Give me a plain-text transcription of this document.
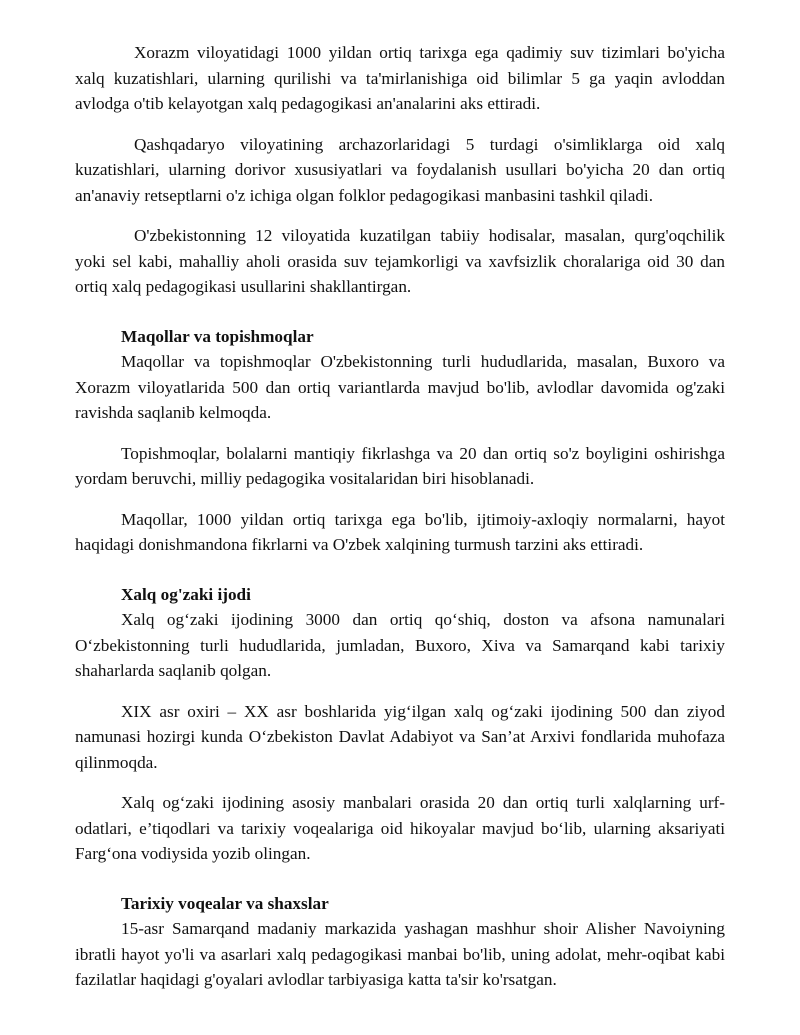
Xorazm viloyatidagi 1000 yildan ortiq tarixga ega qadimiy suv tizimlari bo'yicha xalq kuzatishlari, ularning qurilishi va ta'mirlanishiga oid bilimlar 5 ga yaqin avloddan avlodga o'tib kelayotgan xalq pedagogikasi an'analarini aks ettiradi.

Qashqadaryo viloyatining archazorlaridagi 5 turdagi o'simliklarga oid xalq kuzatishlari, ularning dorivor xususiyatlari va foydalanish usullari bo'yicha 20 dan ortiq an'anaviy retseptlarni o'z ichiga olgan folklor pedagogikasi manbasini tashkil qiladi.

O'zbekistonning 12 viloyatida kuzatilgan tabiiy hodisalar, masalan, qurg'oqchilik yoki sel kabi, mahalliy aholi orasida suv tejamkorligi va xavfsizlik choralariga oid 30 dan ortiq xalq pedagogikasi usullarini shakllantirgan.

Maqollar va topishmoqlar

Maqollar va topishmoqlar O'zbekistonning turli hududlarida, masalan, Buxoro va Xorazm viloyatlarida 500 dan ortiq variantlarda mavjud bo'lib, avlodlar davomida og'zaki ravishda saqlanib kelmoqda.

Topishmoqlar, bolalarni mantiqiy fikrlashga va 20 dan ortiq so'z boyligini oshirishga yordam beruvchi, milliy pedagogika vositalaridan biri hisoblanadi.

Maqollar, 1000 yildan ortiq tarixga ega bo'lib, ijtimoiy-axloqiy normalarni, hayot haqidagi donishmandona fikrlarni va O'zbek xalqining turmush tarzini aks ettiradi.

Xalq og'zaki ijodi

Xalq og‘zaki ijodining 3000 dan ortiq qo‘shiq, doston va afsona namunalari O‘zbekistonning turli hududlarida, jumladan, Buxoro, Xiva va Samarqand kabi tarixiy shaharlarda saqlanib qolgan.

XIX asr oxiri – XX asr boshlarida yig‘ilgan xalq og‘zaki ijodining 500 dan ziyod namunasi hozirgi kunda O‘zbekiston Davlat Adabiyot va San’at Arxivi fondlarida muhofaza qilinmoqda.

Xalq og‘zaki ijodining asosiy manbalari orasida 20 dan ortiq turli xalqlarning urf-odatlari, e’tiqodlari va tarixiy voqealariga oid hikoyalar mavjud bo‘lib, ularning aksariyati Farg‘ona vodiysida yozib olingan.

Tarixiy voqealar va shaxslar

15-asr Samarqand madaniy markazida yashagan mashhur shoir Alisher Navoiyning ibratli hayot yo'li va asarlari xalq pedagogikasi manbai bo'lib, uning adolat, mehr-oqibat kabi fazilatlar haqidagi g'oyalari avlodlar tarbiyasiga katta ta'sir ko'rsatgan.
